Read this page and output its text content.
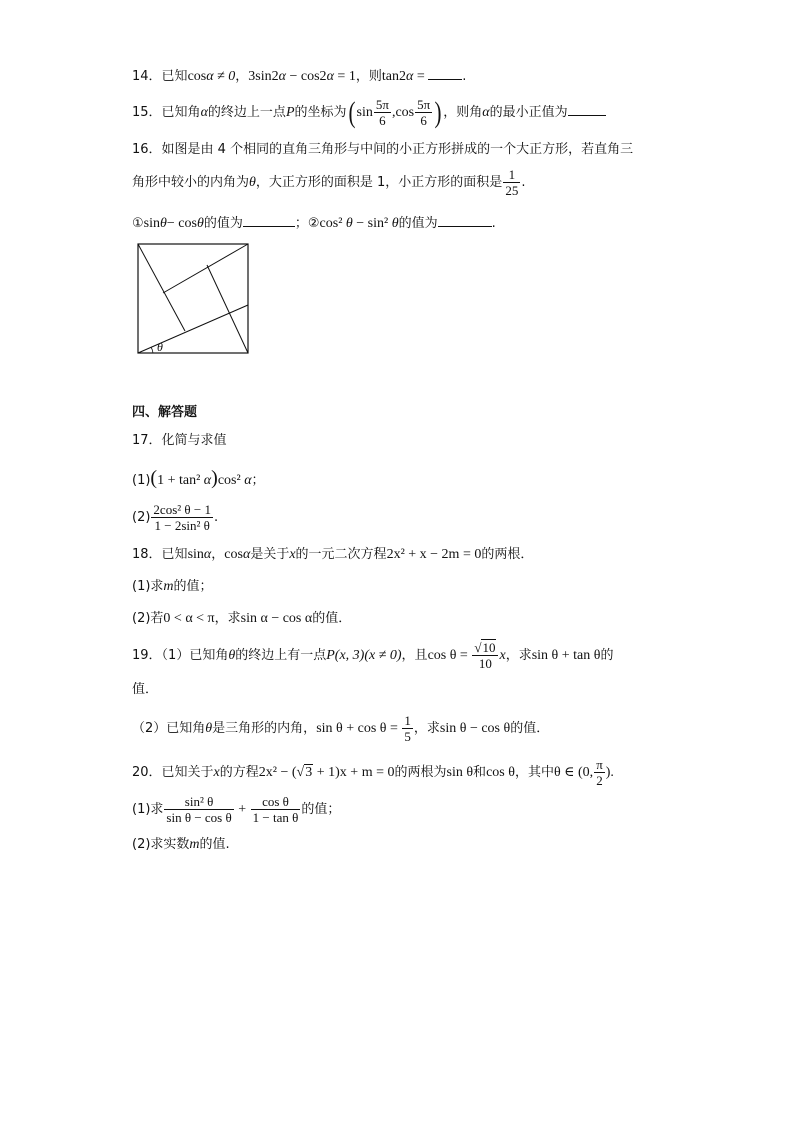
14．已知cosα ≠ 0，3sin2α − cos2α = 1，则tan2α =	.
15．已知角α的终边上一点P的坐标为( $\sin \frac{5\pi}{6} ,\cos \frac{5\pi}{6}$ ) ，则角α的最小正值为
16．如图是由 4 个相同的直角三角形与中间的小正方形拼成的一个大正方形，若直角三
角形中较小的内角为θ，大正方形的面积是 1，小正方形的面积是 $\frac{1}{25}$ .
①sinθ− cosθ的值为	；②cos² θ − sin² θ的值为	.
θ
四、解答题
17．化简与求值
(1)(1 + tan² α)cos² α；
$(2) \frac{\text{2cos² θ − 1}}{\text{1 − 2sin² θ}}$ .
18．已知sinα，cosα是关于x的一元二次方程2x² + x − 2m = 0的两根．
(1)求m的值；
(2)若0 < α < π，求sin α − cos α的值．
19．（1）已知角θ的终边上有一点P(x, 3)(x ≠ 0)，且$\cos \theta = \frac{√10}{10}$ x，求sin θ + tan θ的
值．
（2）已知角θ是三角形的内角，$\sin \theta + \cos \theta = \frac{1}{5}$ ，求sin θ − cos θ的值．
20．已知关于x的方程2x² − (√3 + 1)x + m = 0的两根为sin θ和cos θ，其中θ ∈ (0, $\frac{\pi}{2}$ ).
(1)求 $\frac{\text{sin² θ}}{\text{sin θ − cos θ}} + \frac{\text{cos θ}}{\text{1 − tan θ}}$ 的值；
(2)求实数m的值.
